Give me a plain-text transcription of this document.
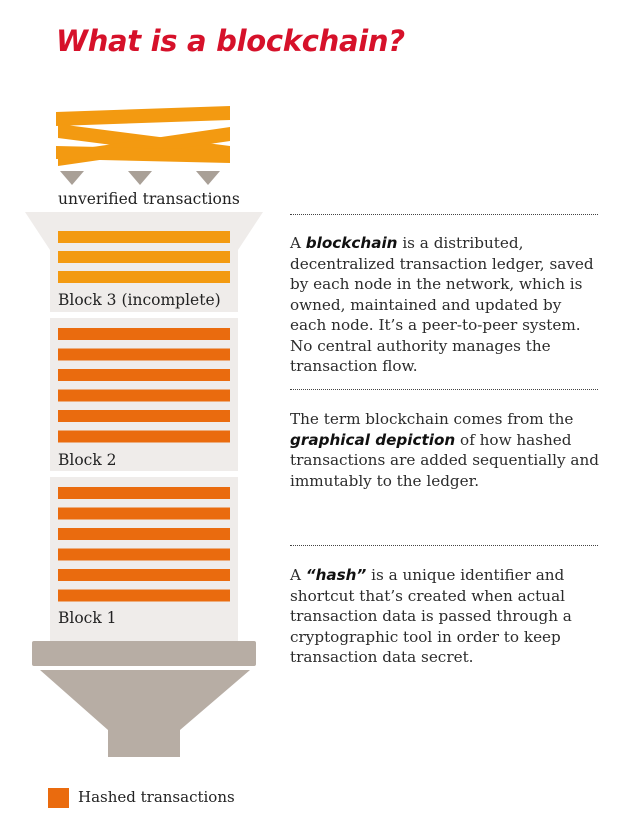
What is a blockchain?
unverified transactions
Block 3 (incomplete)
Block 2
Block 1
A blockchain is a distributed, decentralized transaction ledger, saved by each node in the network, which is owned, maintained and updated by each node. It’s a peer-to-peer system. No central authority manages the transaction flow.
The term blockchain comes from the graphical depiction of how hashed transactions are added sequentially and immutably to the ledger.
A “hash” is a unique identifier and shortcut that’s created when actual transaction data is passed through a cryptographic tool in order to keep transaction data secret.
Hashed transactions
